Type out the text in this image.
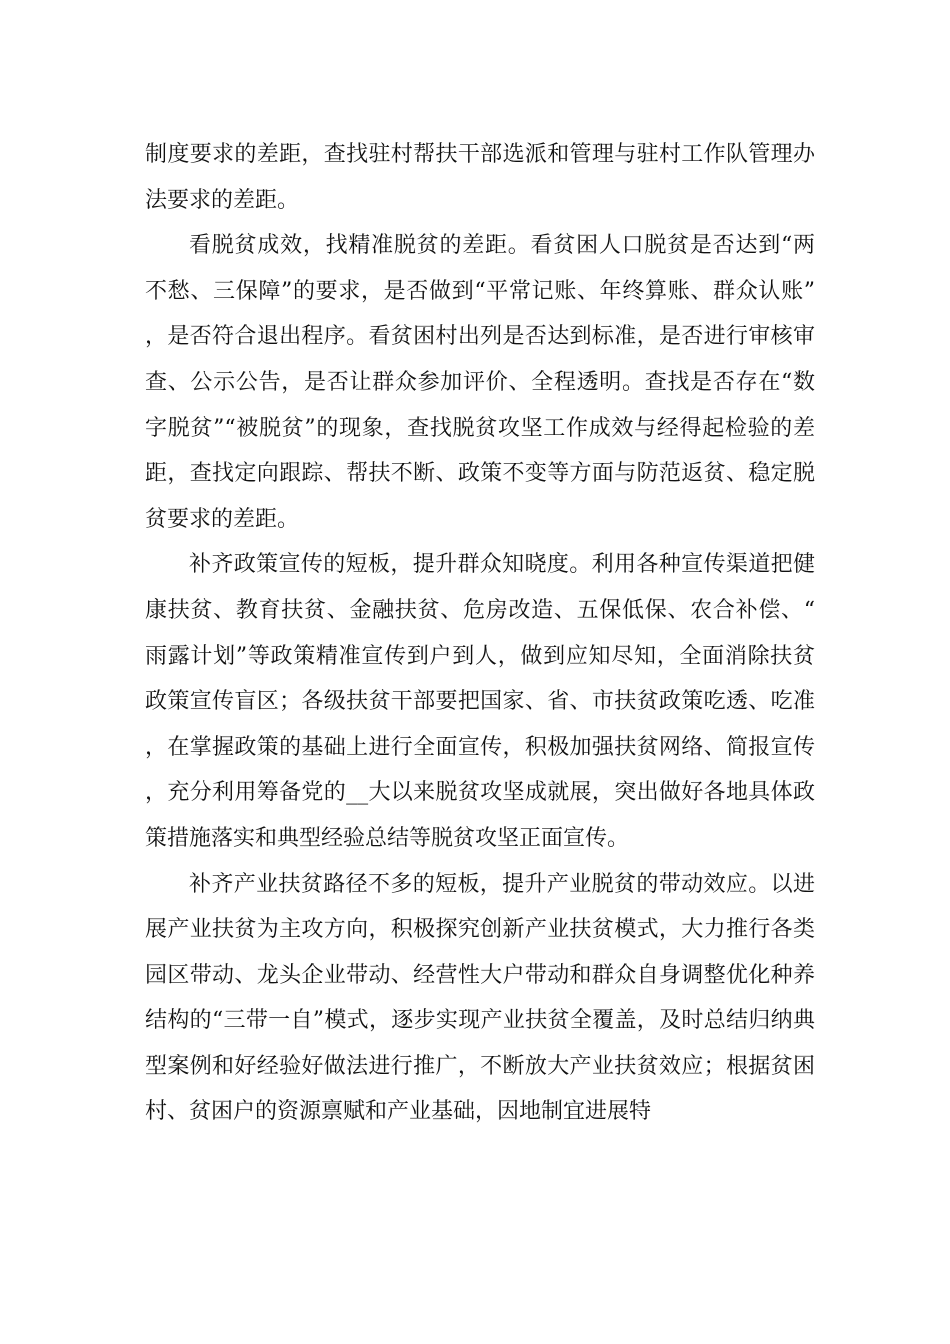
制度要求的差距，查找驻村帮扶干部选派和管理与驻村工作队管理办法要求的差距。

看脱贫成效，找精准脱贫的差距。看贫困人口脱贫是否达到“两不愁、三保障”的要求，是否做到“平常记账、年终算账、群众认账”，是否符合退出程序。看贫困村出列是否达到标准，是否进行审核审查、公示公告，是否让群众参加评价、全程透明。查找是否存在“数字脱贫”“被脱贫”的现象，查找脱贫攻坚工作成效与经得起检验的差距，查找定向跟踪、帮扶不断、政策不变等方面与防范返贫、稳定脱贫要求的差距。

补齐政策宣传的短板，提升群众知晓度。利用各种宣传渠道把健康扶贫、教育扶贫、金融扶贫、危房改造、五保低保、农合补偿、“雨露计划”等政策精准宣传到户到人，做到应知尽知，全面消除扶贫政策宣传盲区；各级扶贫干部要把国家、省、市扶贫政策吃透、吃准，在掌握政策的基础上进行全面宣传，积极加强扶贫网络、简报宣传，充分利用筹备党的__大以来脱贫攻坚成就展，突出做好各地具体政策措施落实和典型经验总结等脱贫攻坚正面宣传。

补齐产业扶贫路径不多的短板，提升产业脱贫的带动效应。以进展产业扶贫为主攻方向，积极探究创新产业扶贫模式，大力推行各类园区带动、龙头企业带动、经营性大户带动和群众自身调整优化种养结构的“三带一自”模式，逐步实现产业扶贫全覆盖，及时总结归纳典型案例和好经验好做法进行推广，不断放大产业扶贫效应；根据贫困村、贫困户的资源禀赋和产业基础，因地制宜进展特
